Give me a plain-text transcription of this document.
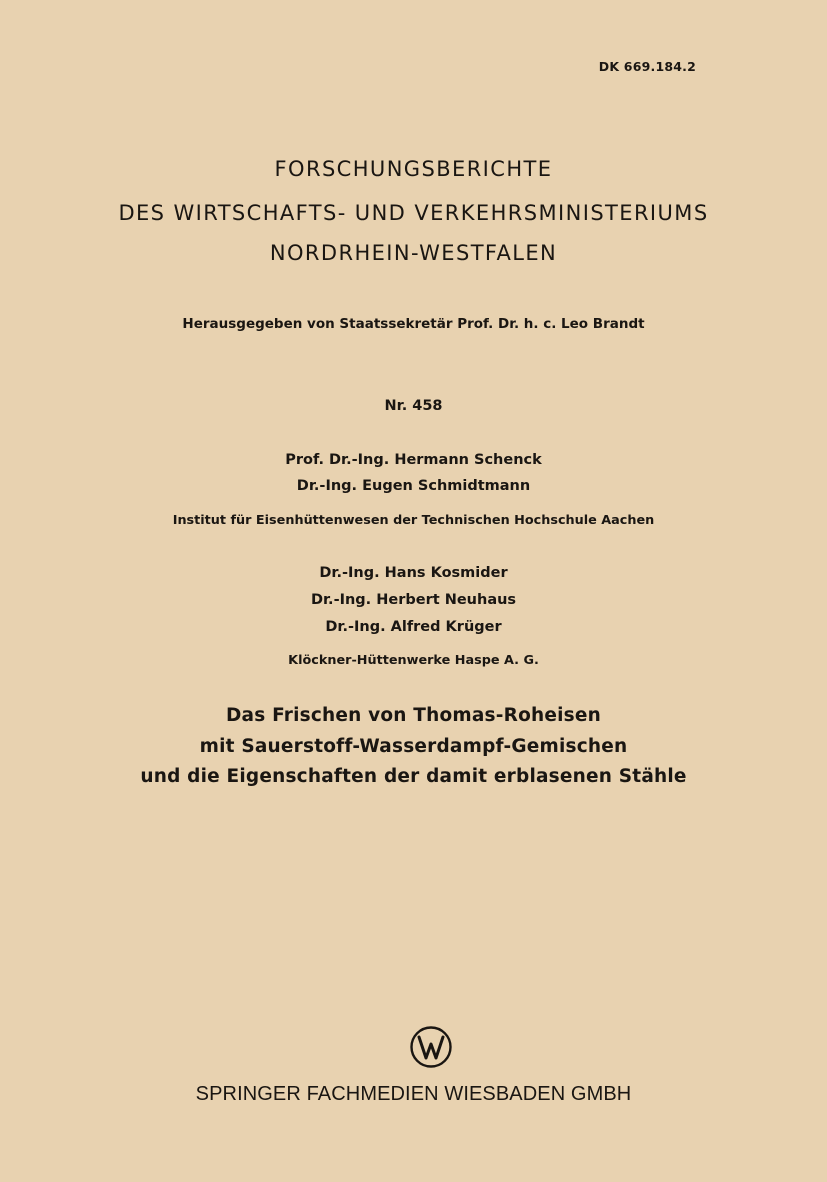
DK 669.184.2
FORSCHUNGSBERICHTE
DES WIRTSCHAFTS- UND VERKEHRSMINISTERIUMS
NORDRHEIN-WESTFALEN
Herausgegeben von Staatssekretär Prof. Dr. h. c. Leo Brandt
Nr. 458
Prof. Dr.-Ing. Hermann Schenck
Dr.-Ing. Eugen Schmidtmann
Institut für Eisenhüttenwesen der Technischen Hochschule Aachen
Dr.-Ing. Hans Kosmider
Dr.-Ing. Herbert Neuhaus
Dr.-Ing. Alfred Krüger
Klöckner-Hüttenwerke Haspe A. G.
Das Frischen von Thomas-Roheisen
mit Sauerstoff-Wasserdampf-Gemischen
und die Eigenschaften der damit erblasenen Stähle
SPRINGER FACHMEDIEN WIESBADEN GMBH
